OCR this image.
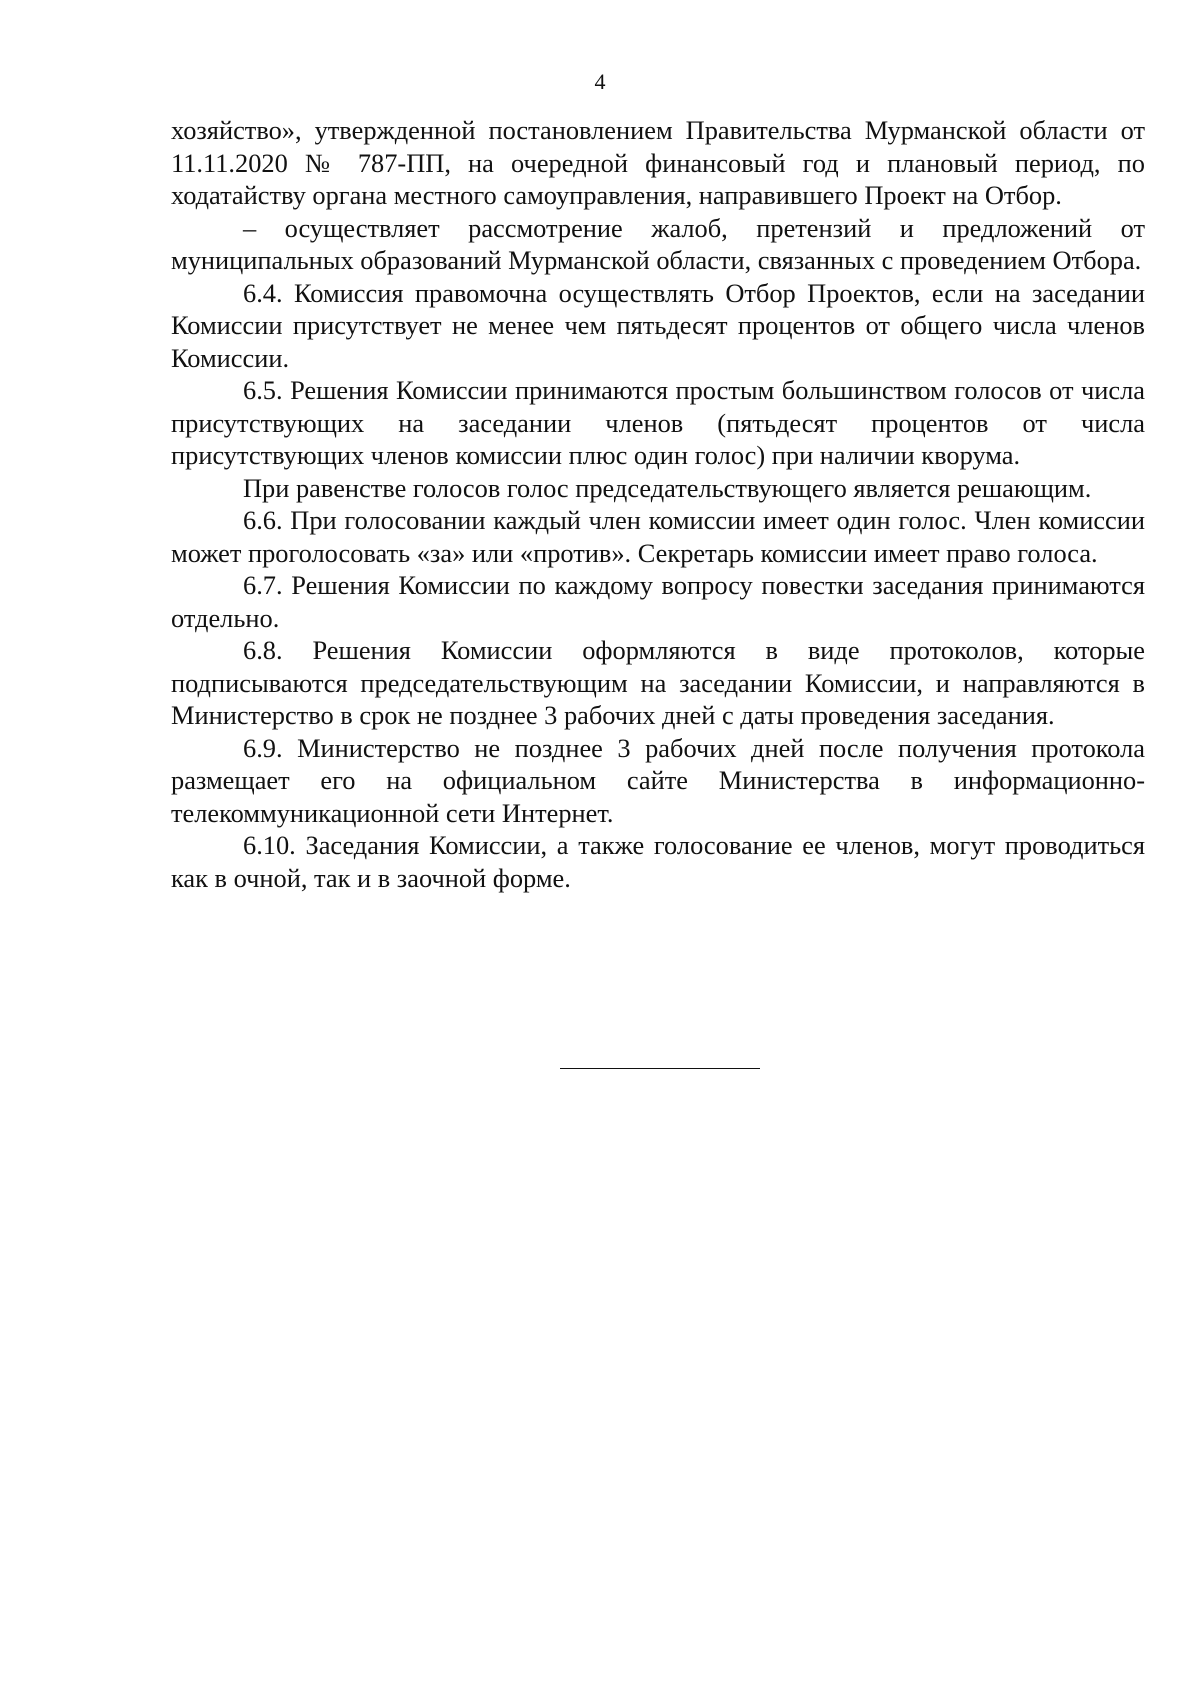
4

хозяйство», утвержденной постановлением Правительства Мурманской области от 11.11.2020 № 787-ПП, на очередной финансовый год и плановый период, по ходатайству органа местного самоуправления, направившего Проект на Отбор.

– осуществляет рассмотрение жалоб, претензий и предложений от муниципальных образований Мурманской области, связанных с проведением Отбора.

6.4. Комиссия правомочна осуществлять Отбор Проектов, если на заседании Комиссии присутствует не менее чем пятьдесят процентов от общего числа членов Комиссии.

6.5. Решения Комиссии принимаются простым большинством голосов от числа присутствующих на заседании членов (пятьдесят процентов от числа присутствующих членов комиссии плюс один голос) при наличии кворума.

При равенстве голосов голос председательствующего является решающим.

6.6. При голосовании каждый член комиссии имеет один голос. Член комиссии может проголосовать «за» или «против». Секретарь комиссии имеет право голоса.

6.7. Решения Комиссии по каждому вопросу повестки заседания принимаются отдельно.

6.8. Решения Комиссии оформляются в виде протоколов, которые подписываются председательствующим на заседании Комиссии, и направляются в Министерство в срок не позднее 3 рабочих дней с даты проведения заседания.

6.9. Министерство не позднее 3 рабочих дней после получения протокола размещает его на официальном сайте Министерства в информационно-телекоммуникационной сети Интернет.

6.10. Заседания Комиссии, а также голосование ее членов, могут проводиться как в очной, так и в заочной форме.
